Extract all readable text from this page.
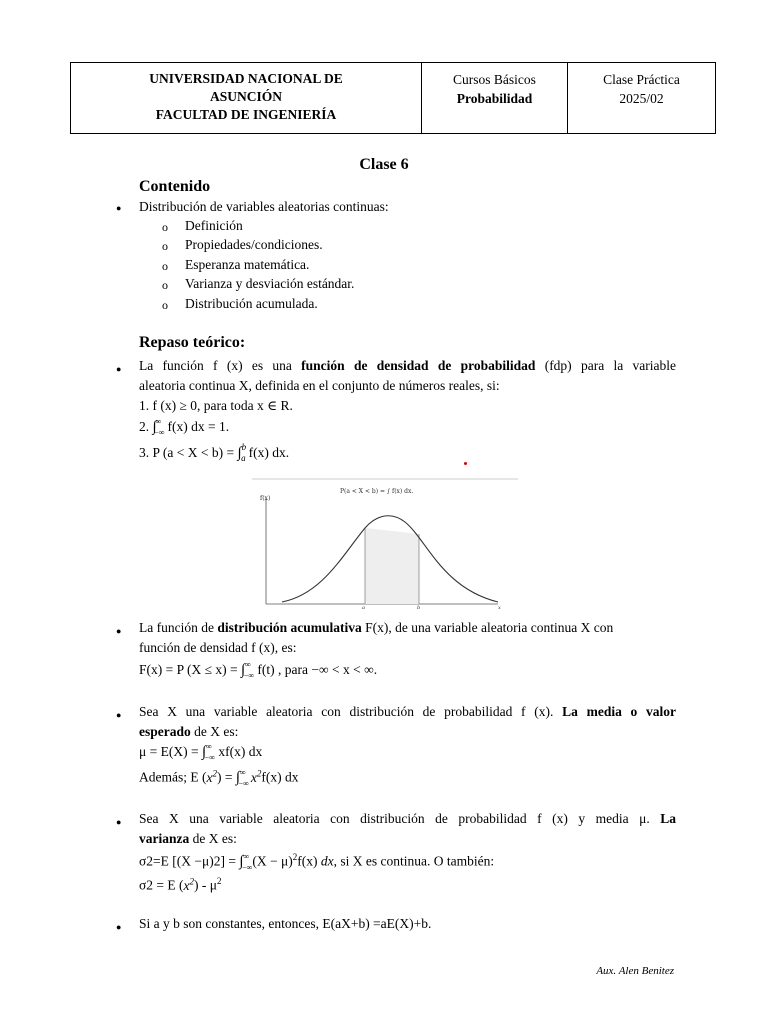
UNIVERSIDAD NACIONAL DE
ASUNCIÓN
FACULTAD DE INGENIERÍA
Cursos Básicos
Probabilidad
Clase Práctica
2025/02
Clase 6
Contenido
● Distribución de variables aleatorias continuas:
o Definición
o Propiedades/condiciones.
o Esperanza matemática.
o Varianza y desviación estándar.
o Distribución acumulada.
Repaso teórico:
● La función f (x) es una función de densidad de probabilidad (fdp) para la variable
aleatoria continua X, definida en el conjunto de números reales, si:
1. f (x) ≥ 0, para toda x ∈ R.
2. $\int^\infty_{-\infty}$ f(x) dx = 1.
3. P (a < X < b) = ∫$^b_a$ f(x) dx.
P(a < X < b) = ∫ f(x) dx.
f(x)
a	b	x
● La función de distribución acumulativa F(x), de una variable aleatoria continua X con
función de densidad f (x), es:
F(x) = P $(X \le x) = \int^\infty_{-\infty}$ f(t) , para −∞ < x < ∞.
● Sea X una variable aleatoria con distribución de probabilidad f (x). La media o valor
esperado de X es:
$\mu = E(X) = \int^\infty_{-\infty}$ xf(x) dx
Además; E $(x^2) = \int^\infty_{-\infty}$ $x^2f(x)$ dx
● Sea X una variable aleatoria con distribución de probabilidad f (x) y media μ. La
varianza de X es:
σ2=E $[(X -\mu)2] = \int^\infty_{-\infty}(X - \mu)^2f(x)$ dx, si X es continua. O también:
σ2 = E $(x^2) - \mu^2$
● Si a y b son constantes, entonces, E(aX+b) =aE(X)+b.
Aux. Alen Benitez
